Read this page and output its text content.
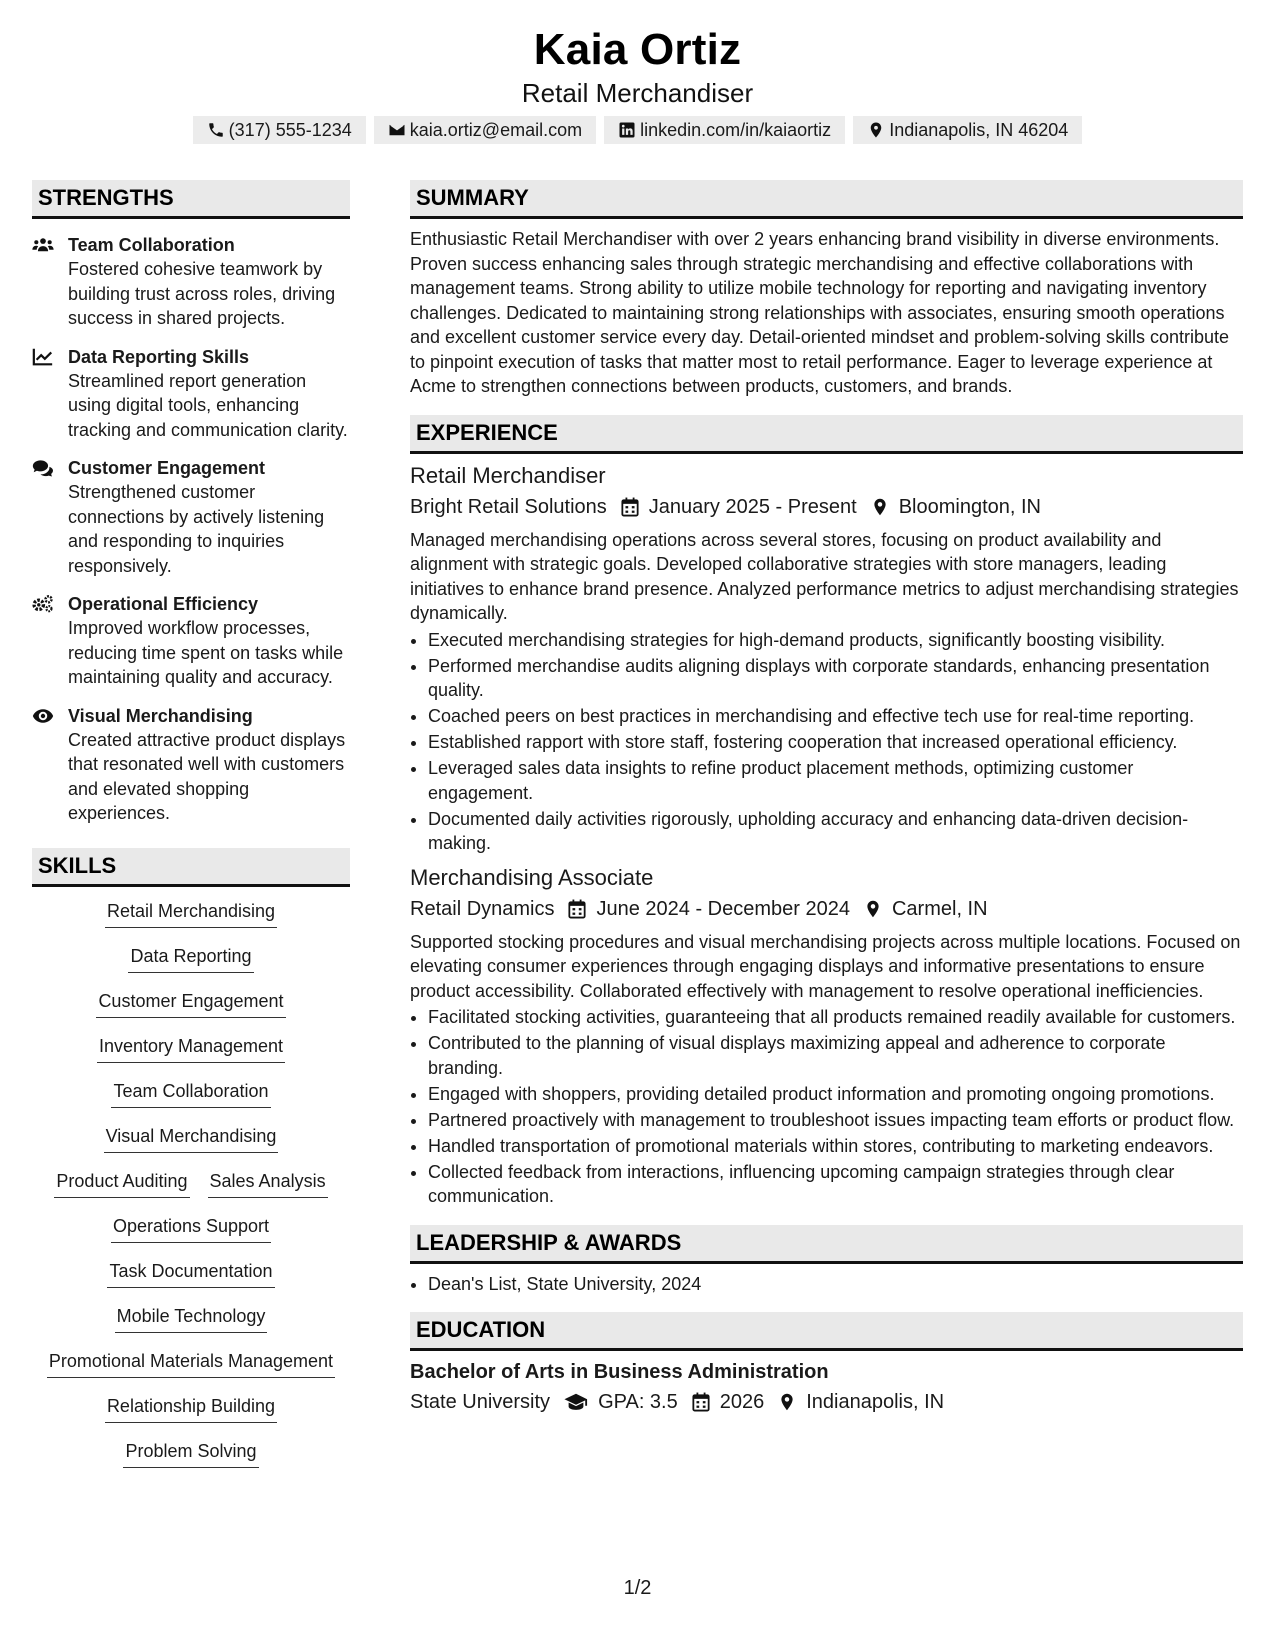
Kaia Ortiz
Retail Merchandiser
(317) 555-1234	kaia.ortiz@email.com	linkedin.com/in/kaiaortiz	Indianapolis, IN 46204
STRENGTHS
Team Collaboration
Fostered cohesive teamwork by building trust across roles, driving success in shared projects.
Data Reporting Skills
Streamlined report generation using digital tools, enhancing tracking and communication clarity.
Customer Engagement
Strengthened customer connections by actively listening and responding to inquiries responsively.
Operational Efficiency
Improved workflow processes, reducing time spent on tasks while maintaining quality and accuracy.
Visual Merchandising
Created attractive product displays that resonated well with customers and elevated shopping experiences.
SKILLS
Retail Merchandising
Data Reporting
Customer Engagement
Inventory Management
Team Collaboration
Visual Merchandising
Product Auditing Sales Analysis
Operations Support
Task Documentation
Mobile Technology
Promotional Materials Management
Relationship Building
Problem Solving
SUMMARY
Enthusiastic Retail Merchandiser with over 2 years enhancing brand visibility in diverse environments. Proven success enhancing sales through strategic merchandising and effective collaborations with management teams. Strong ability to utilize mobile technology for reporting and navigating inventory challenges. Dedicated to maintaining strong relationships with associates, ensuring smooth operations and excellent customer service every day. Detail-oriented mindset and problem-solving skills contribute to pinpoint execution of tasks that matter most to retail performance. Eager to leverage experience at Acme to strengthen connections between products, customers, and brands.
EXPERIENCE
Retail Merchandiser
Bright Retail Solutions January 2025 - Present Bloomington, IN
Managed merchandising operations across several stores, focusing on product availability and alignment with strategic goals. Developed collaborative strategies with store managers, leading initiatives to enhance brand presence. Analyzed performance metrics to adjust merchandising strategies dynamically.
• Executed merchandising strategies for high-demand products, significantly boosting visibility.
• Performed merchandise audits aligning displays with corporate standards, enhancing presentation quality.
• Coached peers on best practices in merchandising and effective tech use for real-time reporting.
• Established rapport with store staff, fostering cooperation that increased operational efficiency.
• Leveraged sales data insights to refine product placement methods, optimizing customer engagement.
• Documented daily activities rigorously, upholding accuracy and enhancing data-driven decision-making.
Merchandising Associate
Retail Dynamics June 2024 - December 2024 Carmel, IN
Supported stocking procedures and visual merchandising projects across multiple locations. Focused on elevating consumer experiences through engaging displays and informative presentations to ensure product accessibility. Collaborated effectively with management to resolve operational inefficiencies.
• Facilitated stocking activities, guaranteeing that all products remained readily available for customers.
• Contributed to the planning of visual displays maximizing appeal and adherence to corporate branding.
• Engaged with shoppers, providing detailed product information and promoting ongoing promotions.
• Partnered proactively with management to troubleshoot issues impacting team efforts or product flow.
• Handled transportation of promotional materials within stores, contributing to marketing endeavors.
• Collected feedback from interactions, influencing upcoming campaign strategies through clear communication.
LEADERSHIP & AWARDS
• Dean's List, State University, 2024
EDUCATION
Bachelor of Arts in Business Administration
State University GPA: 3.5 2026 Indianapolis, IN
1/2
